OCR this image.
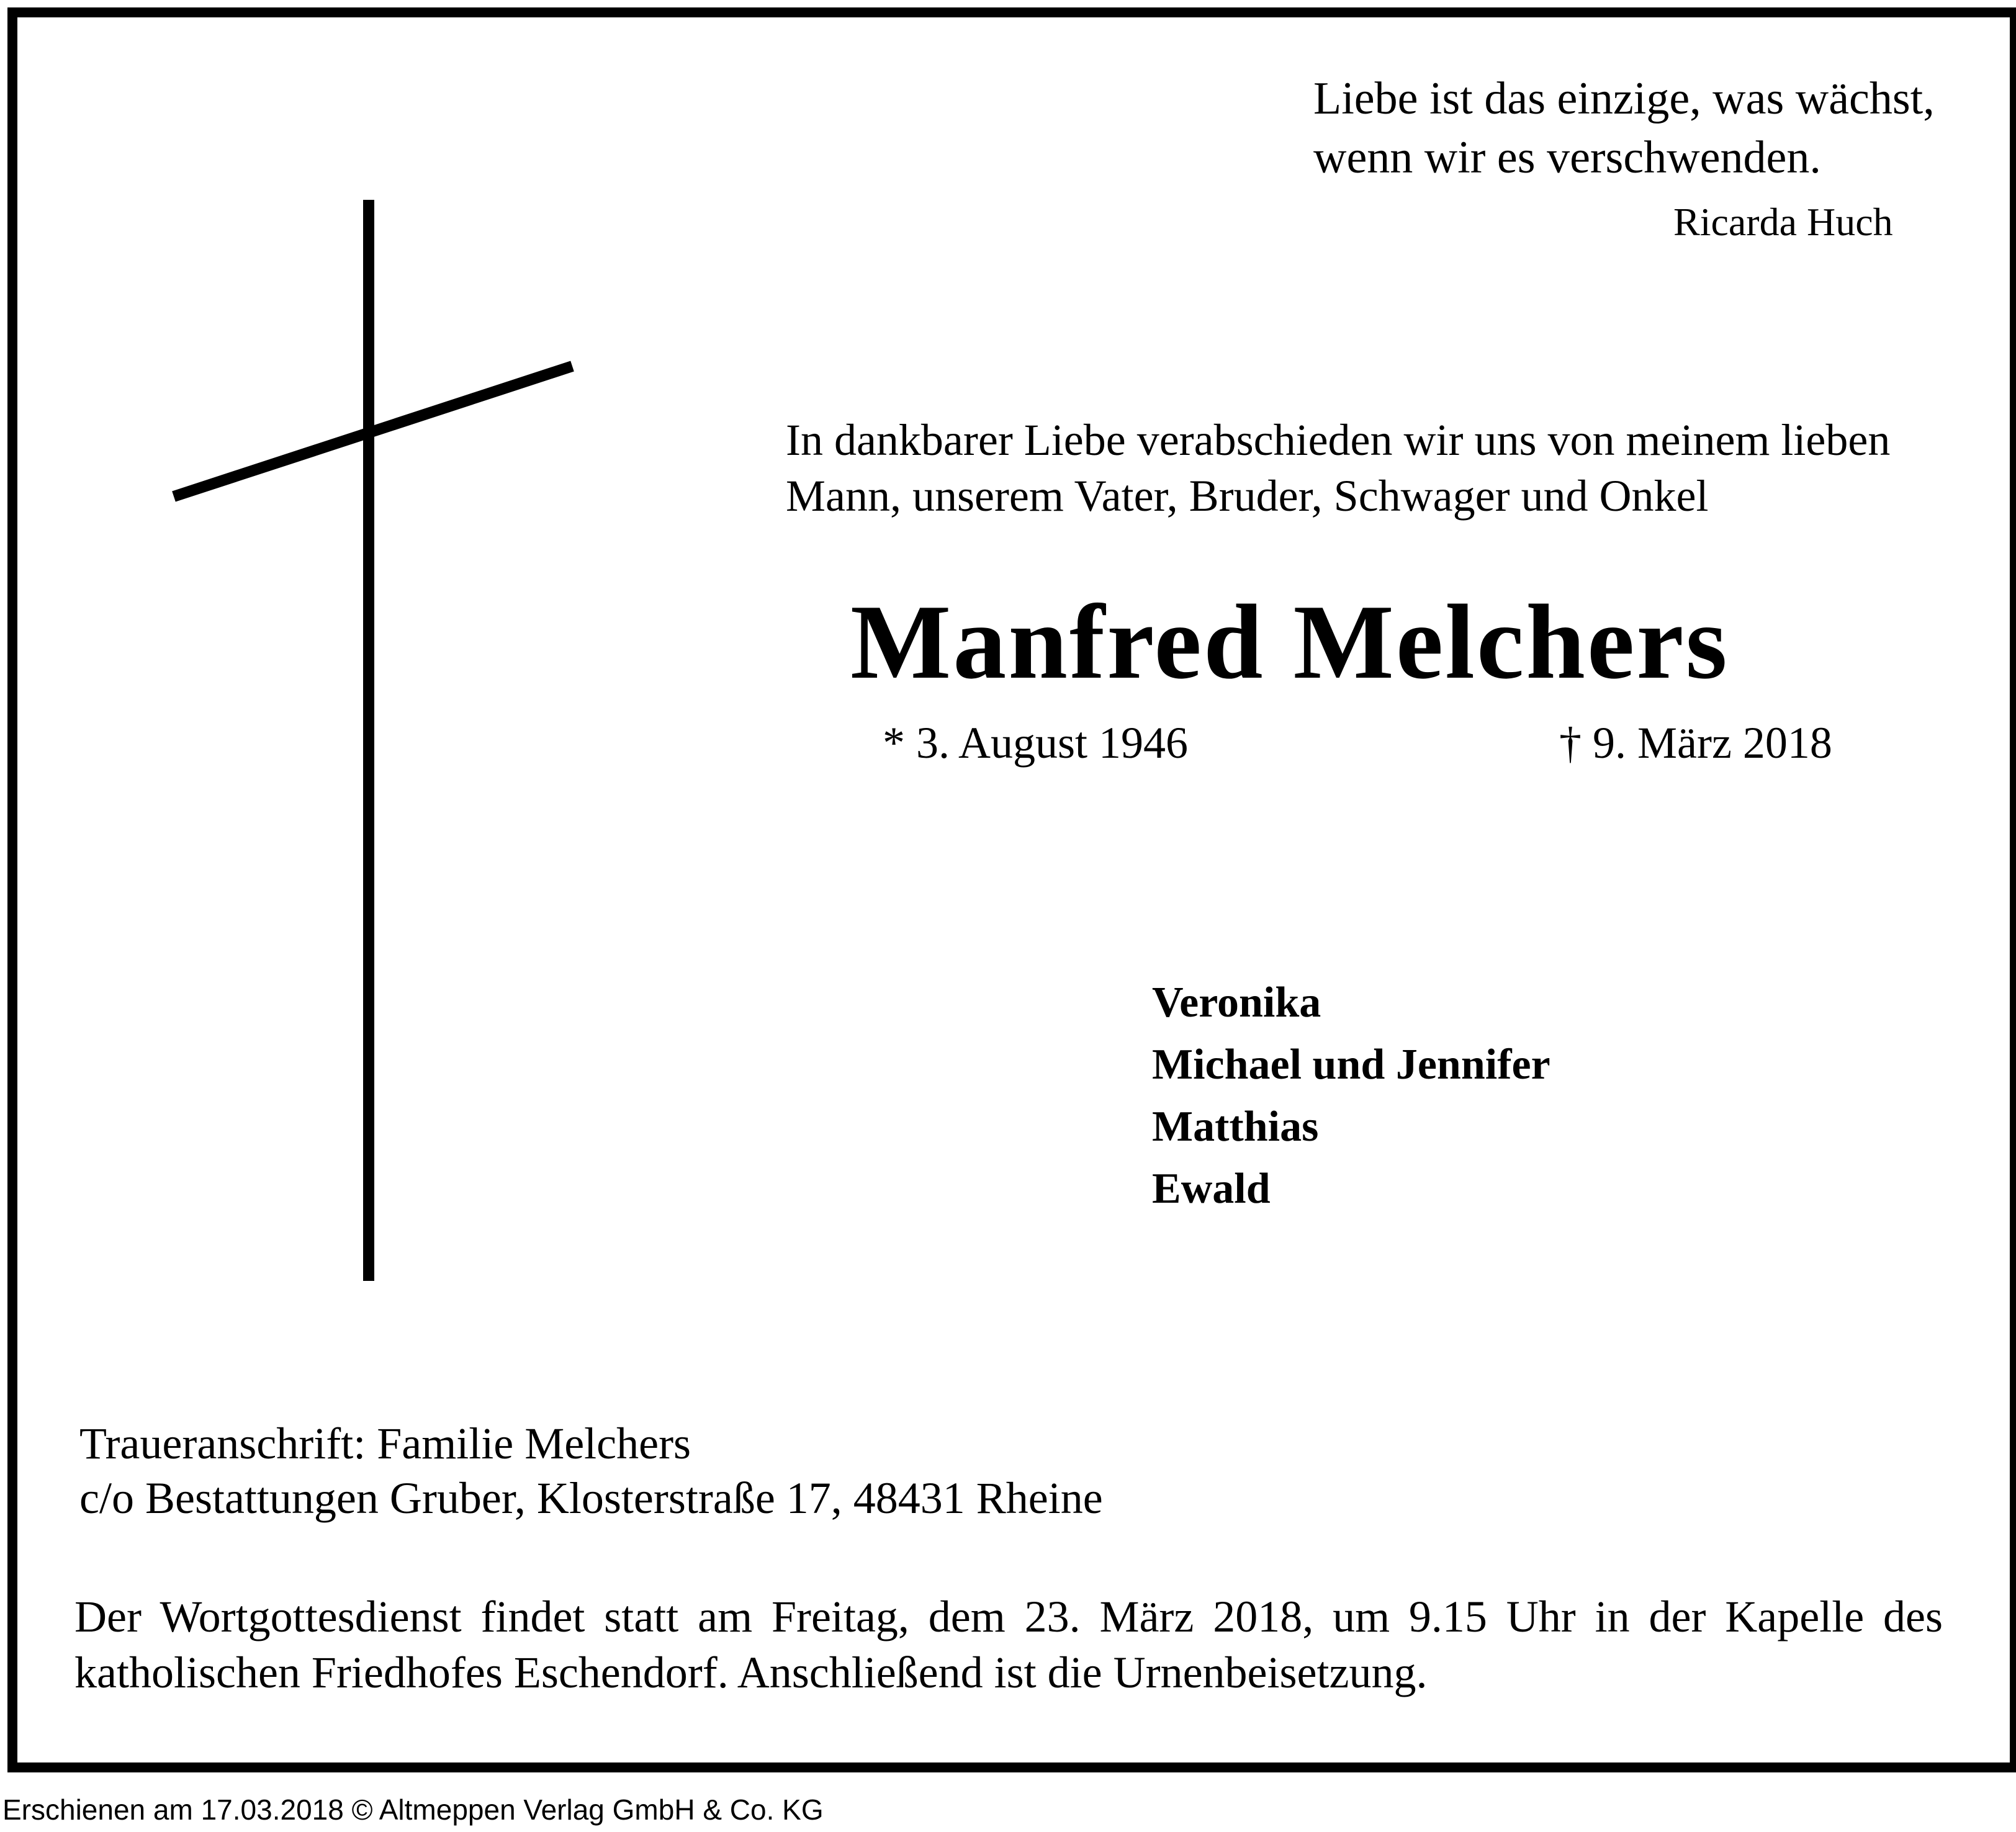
Liebe ist das einzige, was wächst,
wenn wir es verschwenden.
Ricarda Huch
In dankbarer Liebe verabschieden wir uns von meinem lieben
Mann, unserem Vater, Bruder, Schwager und Onkel
Manfred Melchers
* 3. August 1946	† 9. März 2018
Veronika
Michael und Jennifer
Matthias
Ewald
Traueranschrift: Familie Melchers
c/o Bestattungen Gruber, Klosterstraße 17, 48431 Rheine
Der Wortgottesdienst findet statt am Freitag, dem 23. März 2018, um 9.15 Uhr in der Kapelle des
katholischen Friedhofes Eschendorf. Anschließend ist die Urnenbeisetzung.
Erschienen am 17.03.2018 © Altmeppen Verlag GmbH & Co. KG
